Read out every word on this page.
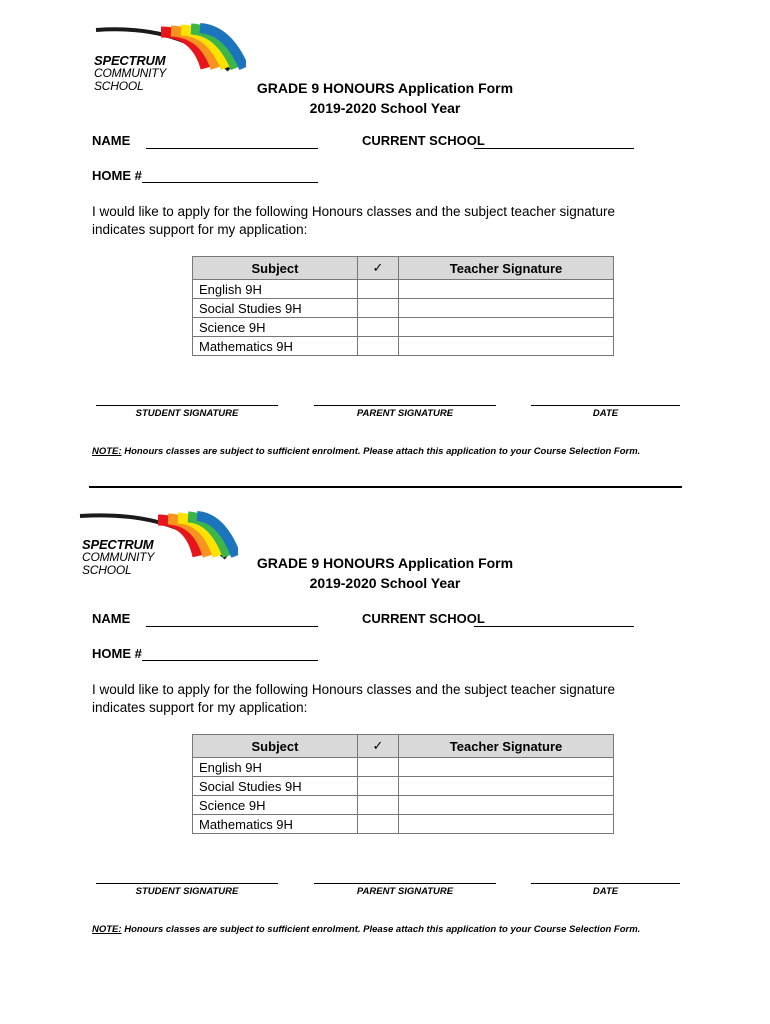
SPECTRUM
COMMUNITY
SCHOOL	GRADE 9 HONOURS Application Form
2019-2020 School Year
NAME	CURRENT SCHOOL
HOME #
I would like to apply for the following Honours classes and the subject teacher signature indicates support for my application:
Subject	✓	Teacher Signature
English 9H		
Social Studies 9H		
Science 9H		
Mathematics 9H		
STUDENT SIGNATURE	PARENT SIGNATURE	DATE
NOTE: Honours classes are subject to sufficient enrolment. Please attach this application to your Course Selection Form.
SPECTRUM
COMMUNITY
SCHOOL	GRADE 9 HONOURS Application Form
2019-2020 School Year
NAME	CURRENT SCHOOL
HOME #
I would like to apply for the following Honours classes and the subject teacher signature indicates support for my application:
Subject	✓	Teacher Signature
English 9H		
Social Studies 9H		
Science 9H		
Mathematics 9H		
STUDENT SIGNATURE	PARENT SIGNATURE	DATE
NOTE: Honours classes are subject to sufficient enrolment. Please attach this application to your Course Selection Form.
